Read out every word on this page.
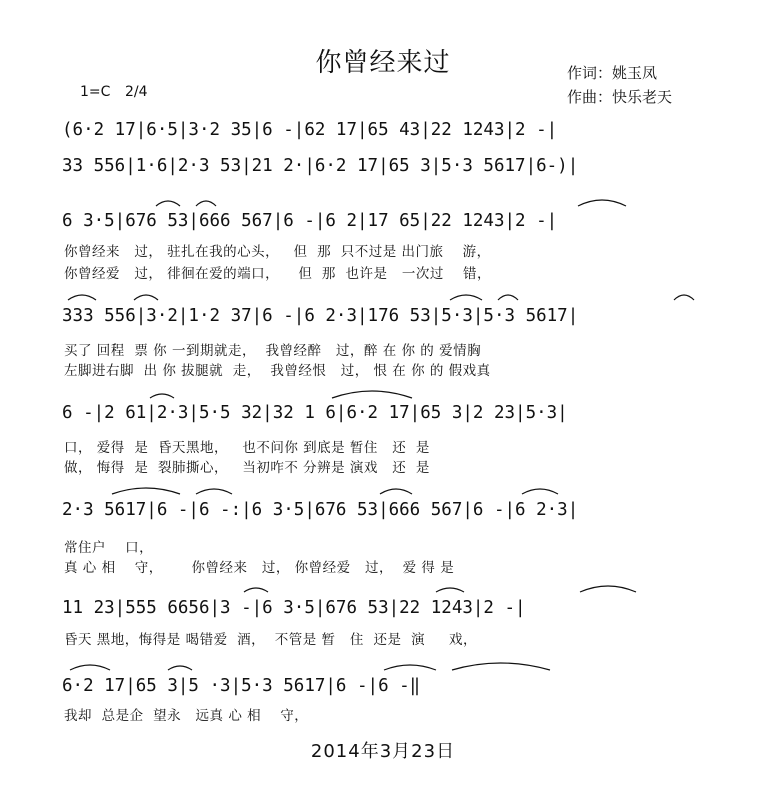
你曾经来过	作词：姚玉凤
作曲：快乐老天
1=C 2/4
(6·2 17|6·5|3·2 35|6 -|62 17|65 43|22 1243|2 -|
33 556|1·6|2·3 53|21 2·|6·2 17|65 3|5·3 5617|6-)|
6 3·5|676 53|666 567|6 -|6 2|17 65|22 1243|2 -|
你曾经来   过， 驻扎在我的心头，   但  那  只不过是 出门旅    游，
你曾经爱   过， 徘徊在爱的端口，    但  那  也许是   一次过    错，
333 556|3·2|1·2 37|6 -|6 2·3|176 53|5·3|5·3 5617|
买了 回程  票 你 一到期就走，  我曾经醉   过，醉 在 你 的 爱情胸
左脚进右脚  出 你 拔腿就  走，  我曾经恨   过， 恨 在 你 的 假戏真
6 -|2 61|2·3|5·5 32|32 1 6|6·2 17|65 3|2 23|5·3|
口， 爱得  是  昏天黑地，   也不问你 到底是 暂住   还  是
做， 悔得  是  裂肺撕心，   当初咋不 分辨是 演戏   还  是
2·3 5617|6 -|6 -:|6 3·5|676 53|666 567|6 -|6 2·3|
常住户    口，
真 心 相    守，      你曾经来   过， 你曾经爱   过，  爱 得 是
11 23|555 6656|3 -|6 3·5|676 53|22 1243|2 -|
昏天 黑地，悔得是 喝错爱  酒，  不管是 暂   住  还是  演     戏，
6·2 17|65 3|5 ·3|5·3 5617|6 -|6 -‖
我却  总是企  望永   远真 心 相    守，
2014年3月23日
